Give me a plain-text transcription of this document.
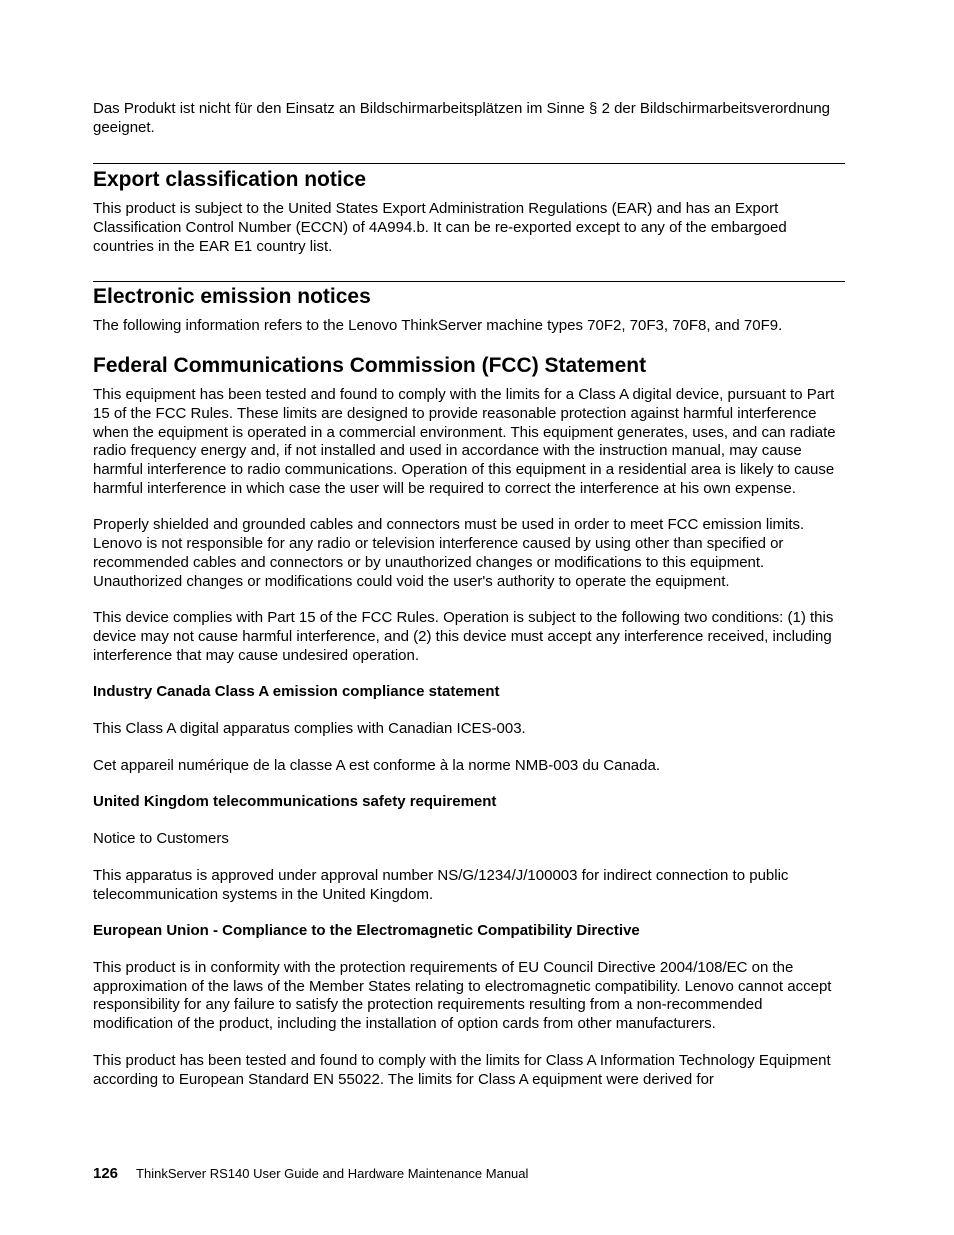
Das Produkt ist nicht für den Einsatz an Bildschirmarbeitsplätzen im Sinne § 2 der Bildschirmarbeitsverordnung geeignet.

Export classification notice

This product is subject to the United States Export Administration Regulations (EAR) and has an Export Classification Control Number (ECCN) of 4A994.b. It can be re-exported except to any of the embargoed countries in the EAR E1 country list.

Electronic emission notices

The following information refers to the Lenovo ThinkServer machine types 70F2, 70F3, 70F8, and 70F9.

Federal Communications Commission (FCC) Statement

This equipment has been tested and found to comply with the limits for a Class A digital device, pursuant to Part 15 of the FCC Rules. These limits are designed to provide reasonable protection against harmful interference when the equipment is operated in a commercial environment. This equipment generates, uses, and can radiate radio frequency energy and, if not installed and used in accordance with the instruction manual, may cause harmful interference to radio communications. Operation of this equipment in a residential area is likely to cause harmful interference in which case the user will be required to correct the interference at his own expense.

Properly shielded and grounded cables and connectors must be used in order to meet FCC emission limits. Lenovo is not responsible for any radio or television interference caused by using other than specified or recommended cables and connectors or by unauthorized changes or modifications to this equipment. Unauthorized changes or modifications could void the user's authority to operate the equipment.

This device complies with Part 15 of the FCC Rules. Operation is subject to the following two conditions: (1) this device may not cause harmful interference, and (2) this device must accept any interference received, including interference that may cause undesired operation.

Industry Canada Class A emission compliance statement

This Class A digital apparatus complies with Canadian ICES-003.

Cet appareil numérique de la classe A est conforme à la norme NMB-003 du Canada.

United Kingdom telecommunications safety requirement

Notice to Customers

This apparatus is approved under approval number NS/G/1234/J/100003 for indirect connection to public telecommunication systems in the United Kingdom.

European Union - Compliance to the Electromagnetic Compatibility Directive

This product is in conformity with the protection requirements of EU Council Directive 2004/108/EC on the approximation of the laws of the Member States relating to electromagnetic compatibility. Lenovo cannot accept responsibility for any failure to satisfy the protection requirements resulting from a non-recommended modification of the product, including the installation of option cards from other manufacturers.

This product has been tested and found to comply with the limits for Class A Information Technology Equipment according to European Standard EN 55022. The limits for Class A equipment were derived for

126 ThinkServer RS140 User Guide and Hardware Maintenance Manual
